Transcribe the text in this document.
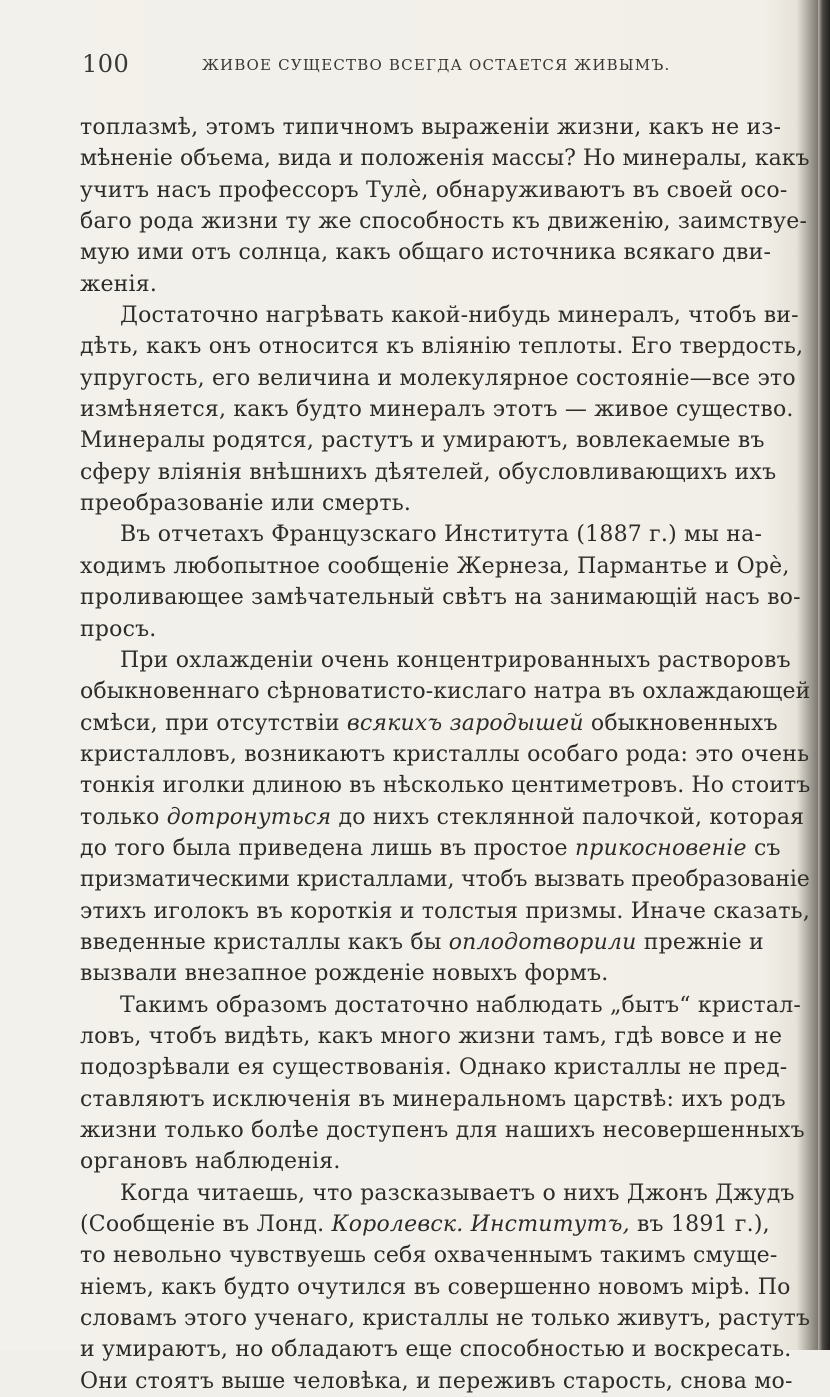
100	ЖИВОЕ СУЩЕСТВО ВСЕГДА ОСТАЕТСЯ ЖИВЫМЪ.
топлазмѣ, этомъ типичномъ выраженіи жизни, какъ не из-
мѣненіе объема, вида и положенія массы? Но минералы, какъ
учитъ насъ профессоръ Тулѐ, обнаруживаютъ въ своей осо-
баго рода жизни ту же способность къ движенію, заимствуе-
мую ими отъ солнца, какъ общаго источника всякаго дви-
женія.
Достаточно нагрѣвать какой-нибудь минералъ, чтобъ ви-
дѣть, какъ онъ относится къ вліянію теплоты. Его твердость,
упругость, его величина и молекулярное состояніе—все это
измѣняется, какъ будто минералъ этотъ — живое существо.
Минералы родятся, растутъ и умираютъ, вовлекаемые въ
сферу вліянія внѣшнихъ дѣятелей, обусловливающихъ ихъ
преобразованіе или смерть.
Въ отчетахъ Французскаго Института (1887 г.) мы на-
ходимъ любопытное сообщеніе Жернеза, Пармантье и Орѐ,
проливающее замѣчательный свѣтъ на занимающій насъ во-
просъ.
При охлажденіи очень концентрированныхъ растворовъ
обыкновеннаго сѣрноватисто-кислаго натра въ охлаждающей
смѣси, при отсутствіи всякихъ зародышей обыкновенныхъ
кристалловъ, возникаютъ кристаллы особаго рода: это очень
тонкія иголки длиною въ нѣсколько центиметровъ. Но стоитъ
только дотронуться до нихъ стеклянной палочкой, которая
до того была приведена лишь въ простое прикосновеніе съ
призматическими кристаллами, чтобъ вызвать преобразованіе
этихъ иголокъ въ короткія и толстыя призмы. Иначе сказать,
введенные кристаллы какъ бы оплодотворили прежніе и
вызвали внезапное рожденіе новыхъ формъ.
Такимъ образомъ достаточно наблюдать „бытъ“ кристал-
ловъ, чтобъ видѣть, какъ много жизни тамъ, гдѣ вовсе и не
подозрѣвали ея существованія. Однако кристаллы не пред-
ставляютъ исключенія въ минеральномъ царствѣ: ихъ родъ
жизни только болѣе доступенъ для нашихъ несовершенныхъ
органовъ наблюденія.
Когда читаешь, что разсказываетъ о нихъ Джонъ Джудъ
(Сообщеніе въ Лонд. Королевск. Институтъ, въ 1891 г.),
то невольно чувствуешь себя охваченнымъ такимъ смуще-
ніемъ, какъ будто очутился въ совершенно новомъ мірѣ. По
словамъ этого ученаго, кристаллы не только живутъ, растутъ
и умираютъ, но обладаютъ еще способностью и воскресать.
Они стоятъ выше человѣка, и переживъ старость, снова мо-
